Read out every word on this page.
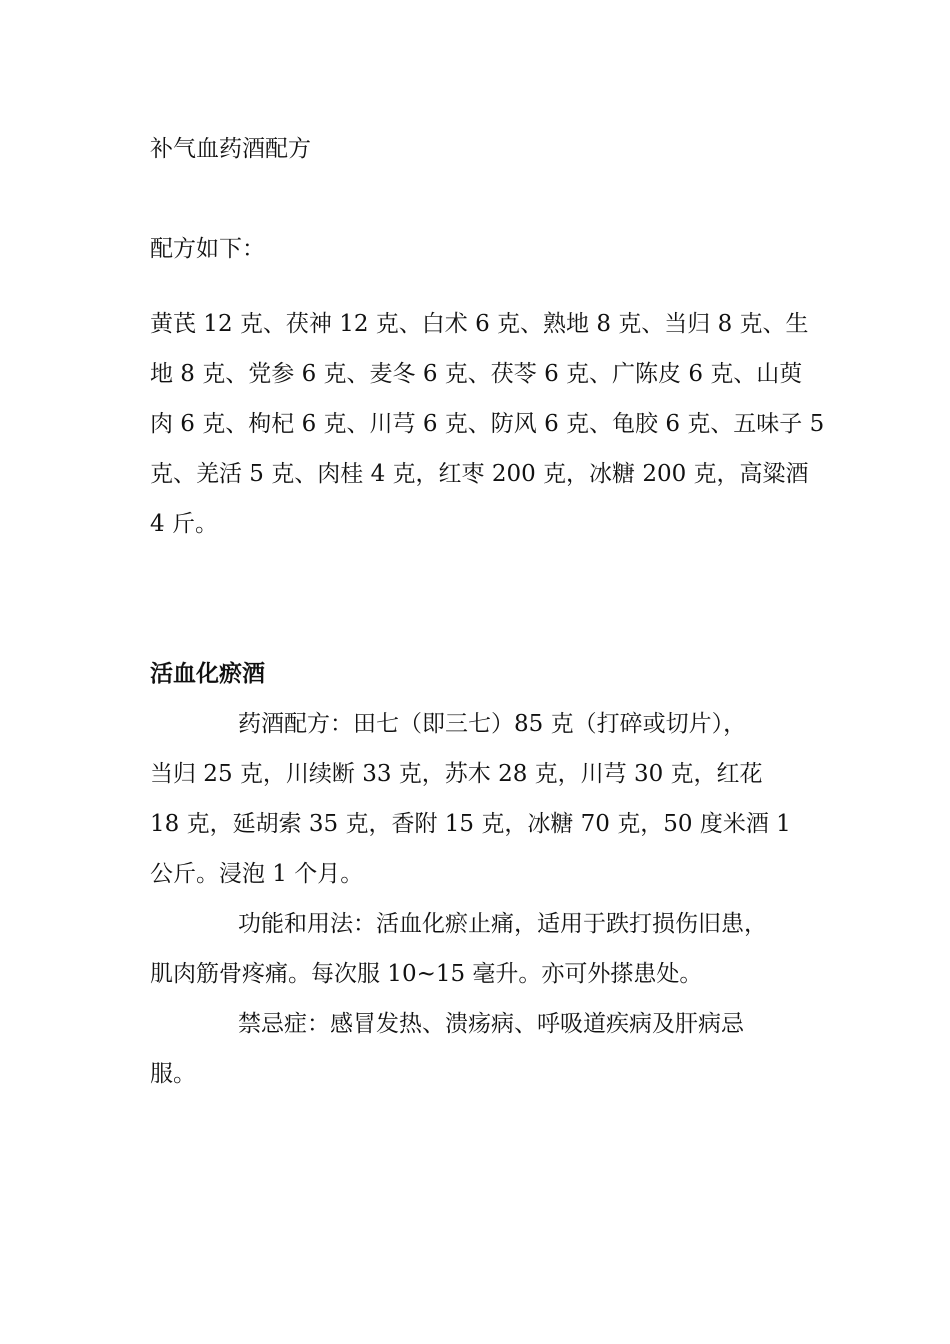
补气血药酒配方

配方如下：

黄芪 12 克、茯神 12 克、白术 6 克、熟地 8 克、当归 8 克、生
地 8 克、党参 6 克、麦冬 6 克、茯苓 6 克、广陈皮 6 克、山萸
肉 6 克、枸杞 6 克、川芎 6 克、防风 6 克、龟胶 6 克、五味子 5
克、羌活 5 克、肉桂 4 克，红枣 200 克，冰糖 200 克，高粱酒
4 斤。

活血化瘀酒

药酒配方：田七（即三七）85 克（打碎或切片），
当归 25 克，川续断 33 克，苏木 28 克，川芎 30 克，红花
18 克，延胡索 35 克，香附 15 克，冰糖 70 克，50 度米酒 1
公斤。浸泡 1 个月。
功能和用法：活血化瘀止痛，适用于跌打损伤旧患，
肌肉筋骨疼痛。每次服 10~15 毫升。亦可外搽患处。
禁忌症：感冒发热、溃疡病、呼吸道疾病及肝病忌
服。
